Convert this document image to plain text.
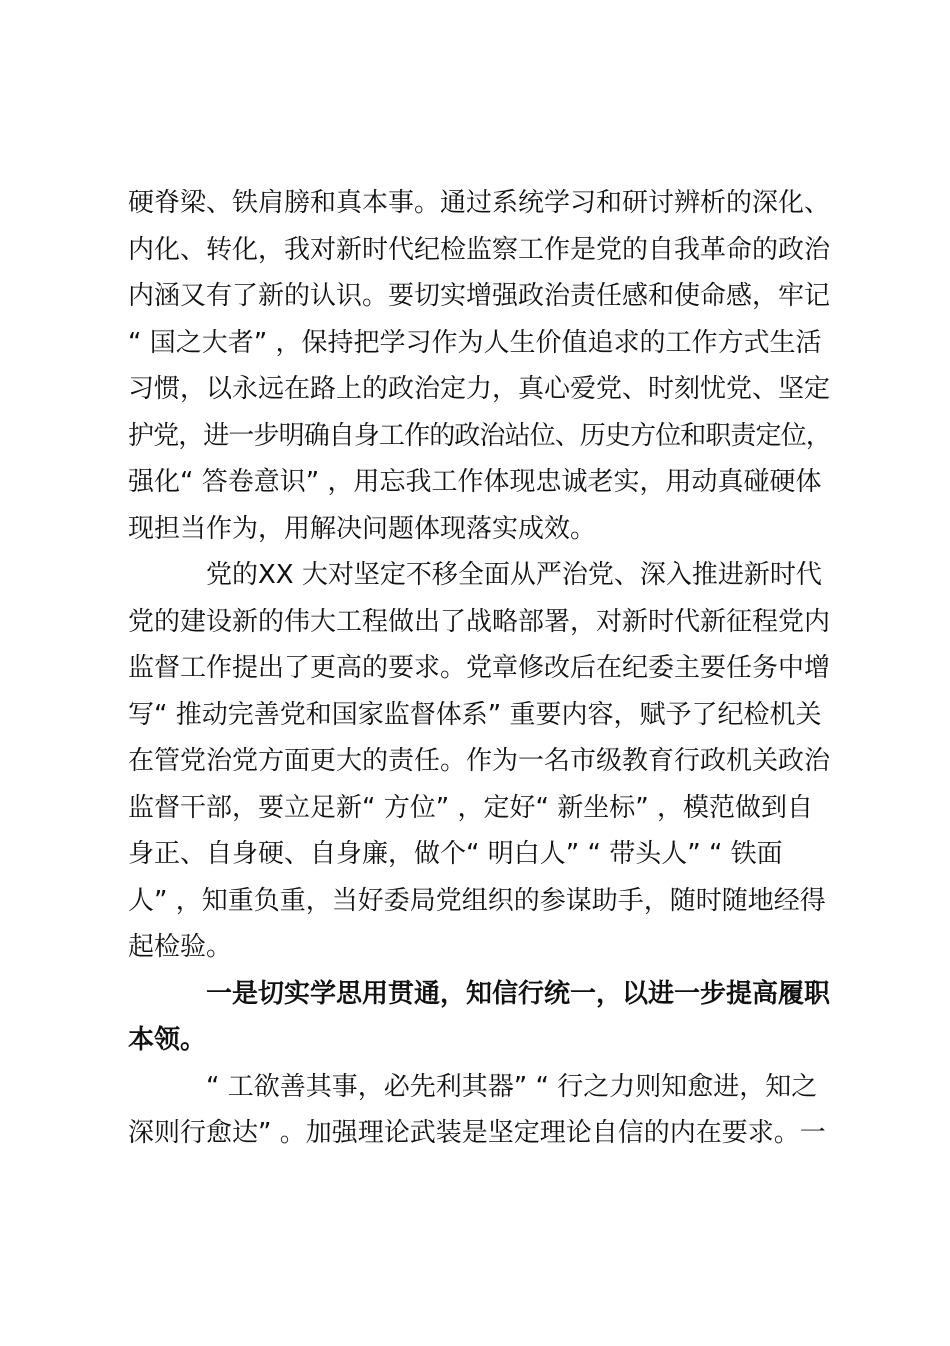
硬脊梁、铁肩膀和真本事。通过系统学习和研讨辨析的深化、
内化、转化，我对新时代纪检监察工作是党的自我革命的政治
内涵又有了新的认识。要切实增强政治责任感和使命感，牢记
“ 国之大者” ，保持把学习作为人生价值追求的工作方式生活
习惯，以永远在路上的政治定力，真心爱党、时刻忧党、坚定
护党，进一步明确自身工作的政治站位、历史方位和职责定位，
强化“ 答卷意识” ，用忘我工作体现忠诚老实，用动真碰硬体
现担当作为，用解决问题体现落实成效。
党的XX 大对坚定不移全面从严治党、深入推进新时代
党的建设新的伟大工程做出了战略部署，对新时代新征程党内
监督工作提出了更高的要求。党章修改后在纪委主要任务中增
写“ 推动完善党和国家监督体系” 重要内容，赋予了纪检机关
在管党治党方面更大的责任。作为一名市级教育行政机关政治
监督干部，要立足新“ 方位” ，定好“ 新坐标” ，模范做到自
身正、自身硬、自身廉，做个“ 明白人” “ 带头人” “ 铁面
人” ，知重负重，当好委局党组织的参谋助手，随时随地经得
起检验。
一是切实学思用贯通，知信行统一，以进一步提高履职
本领。
“ 工欲善其事，必先利其器” “ 行之力则知愈进，知之
深则行愈达” 。加强理论武装是坚定理论自信的内在要求。一
